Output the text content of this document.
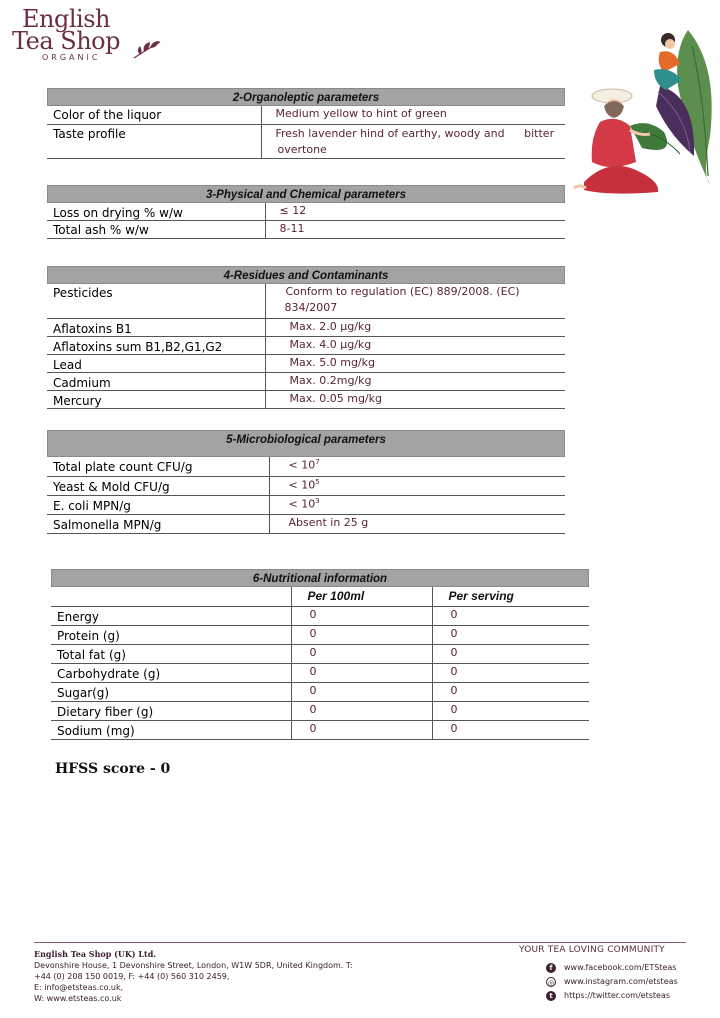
English
Tea Shop
ORGANIC
2-Organoleptic parameters
Color of the liquor	Medium yellow to hint of green
Taste profile	Fresh lavender hind of earthy, woody and bitter
overtone
3-Physical and Chemical parameters
Loss on drying % w/w	≤ 12
Total ash % w/w	8-11
4-Residues and Contaminants
Pesticides	Conform to regulation (EC) 889/2008. (EC)
834/2007
Aflatoxins B1	Max. 2.0 µg/kg
Aflatoxins sum B1,B2,G1,G2	Max. 4.0 µg/kg
Lead	Max. 5.0 mg/kg
Cadmium	Max. 0.2mg/kg
Mercury	Max. 0.05 mg/kg
5-Microbiological parameters
Total plate count CFU/g	< $10^7$
Yeast & Mold CFU/g	< $10^5$
E. coli MPN/g	< $10^3$
Salmonella MPN/g	Absent in 25 g
6-Nutritional information
	Per 100ml	Per serving
Energy	0	0
Protein (g)	0	0
Total fat (g)	0	0
Carbohydrate (g)	0	0
Sugar(g)	0	0
Dietary fiber (g)	0	0
Sodium (mg)	0	0
HFSS score - 0
English Tea Shop (UK) Ltd.
Devonshire House, 1 Devonshire Street, London, W1W 5DR, United Kingdom. T:
+44 (0) 208 150 0019, F: +44 (0) 560 310 2459,
E: info@etsteas.co.uk,
W: www.etsteas.co.uk
YOUR TEA LOVING COMMUNITY
f www.facebook.com/ETSteas
◎ www.instagram.com/etsteas
t https://twitter.com/etsteas
